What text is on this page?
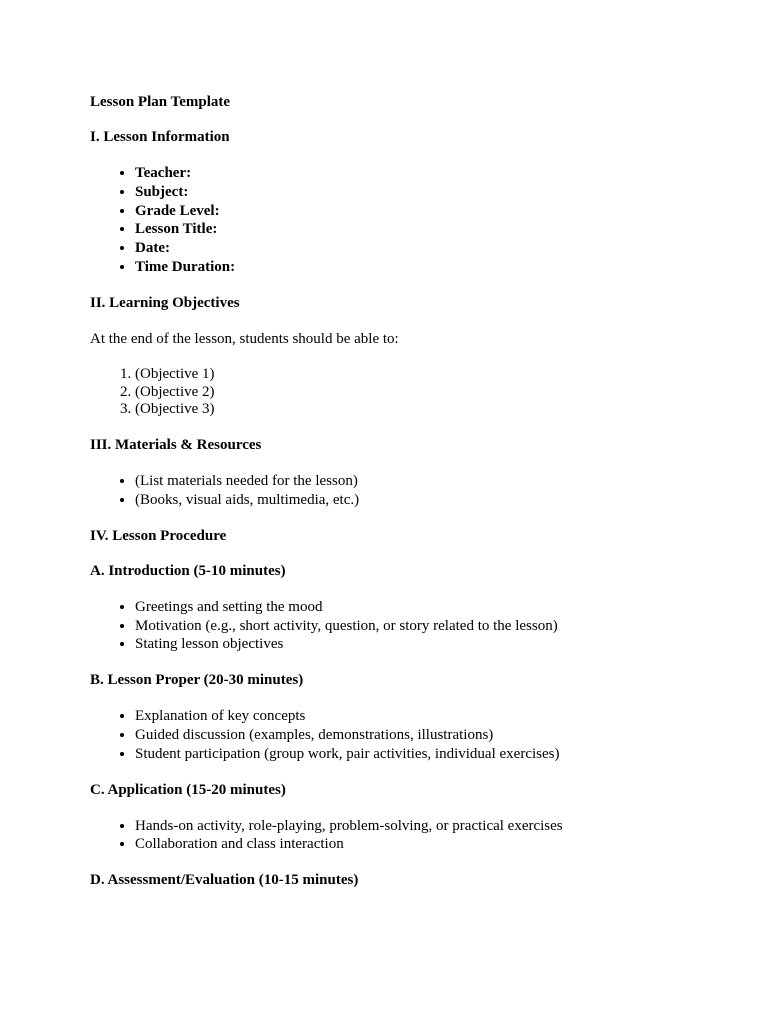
Lesson Plan Template

I. Lesson Information

• Teacher:
• Subject:
• Grade Level:
• Lesson Title:
• Date:
• Time Duration:

II. Learning Objectives

At the end of the lesson, students should be able to:

1. (Objective 1)
2. (Objective 2)
3. (Objective 3)

III. Materials & Resources

• (List materials needed for the lesson)
• (Books, visual aids, multimedia, etc.)

IV. Lesson Procedure

A. Introduction (5-10 minutes)

• Greetings and setting the mood
• Motivation (e.g., short activity, question, or story related to the lesson)
• Stating lesson objectives

B. Lesson Proper (20-30 minutes)

• Explanation of key concepts
• Guided discussion (examples, demonstrations, illustrations)
• Student participation (group work, pair activities, individual exercises)

C. Application (15-20 minutes)

• Hands-on activity, role-playing, problem-solving, or practical exercises
• Collaboration and class interaction

D. Assessment/Evaluation (10-15 minutes)
